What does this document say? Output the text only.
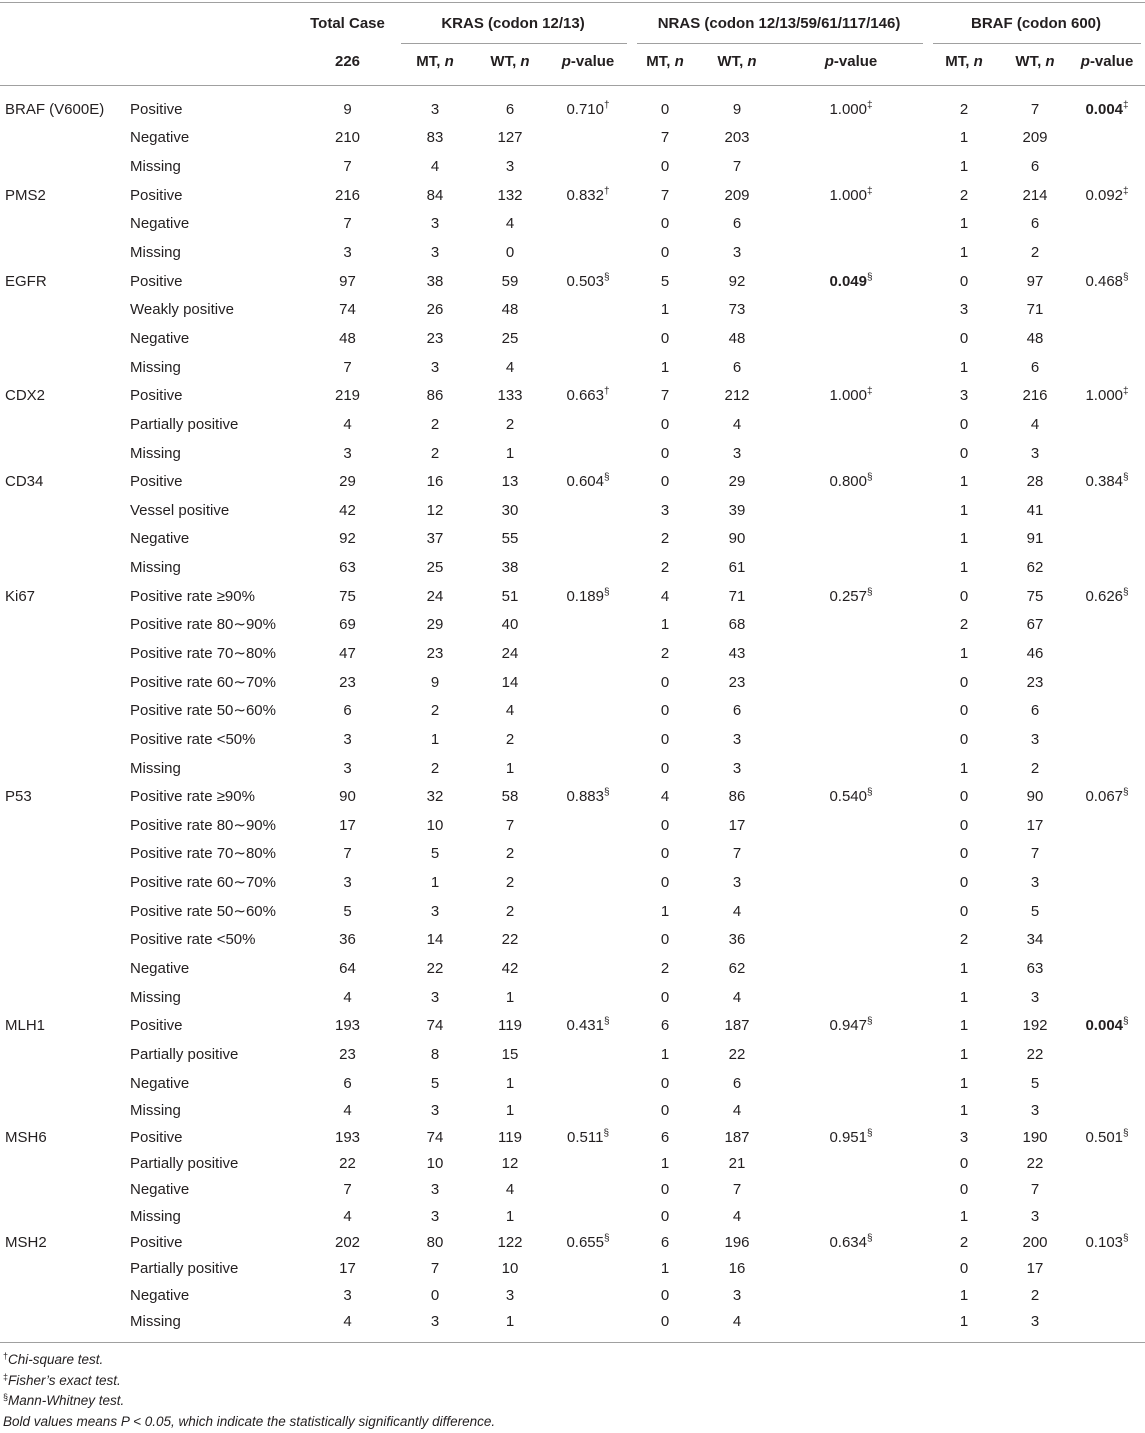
		Total Case	KRAS (codon 12/13)			NRAS (codon 12/13/59/61/117/146)			BRAF (codon 600)		
		226	MT, n	WT, n	p-value	MT, n	WT, n	p-value	MT, n	WT, n	p-value
BRAF (V600E)	Positive	9	3	6	0.710†	0	9	1.000‡	2	7	0.004‡
	Negative	210	83	127		7	203		1	209	
	Missing	7	4	3		0	7		1	6	
PMS2	Positive	216	84	132	0.832†	7	209	1.000‡	2	214	0.092‡
	Negative	7	3	4		0	6		1	6	
	Missing	3	3	0		0	3		1	2	
EGFR	Positive	97	38	59	0.503§	5	92	0.049§	0	97	0.468§
	Weakly positive	74	26	48		1	73		3	71	
	Negative	48	23	25		0	48		0	48	
	Missing	7	3	4		1	6		1	6	
CDX2	Positive	219	86	133	0.663†	7	212	1.000‡	3	216	1.000‡
	Partially positive	4	2	2		0	4		0	4	
	Missing	3	2	1		0	3		0	3	
CD34	Positive	29	16	13	0.604§	0	29	0.800§	1	28	0.384§
	Vessel positive	42	12	30		3	39		1	41	
	Negative	92	37	55		2	90		1	91	
	Missing	63	25	38		2	61		1	62	
Ki67	Positive rate ≥90%	75	24	51	0.189§	4	71	0.257§	0	75	0.626§
	Positive rate 80∼90%	69	29	40		1	68		2	67	
	Positive rate 70∼80%	47	23	24		2	43		1	46	
	Positive rate 60∼70%	23	9	14		0	23		0	23	
	Positive rate 50∼60%	6	2	4		0	6		0	6	
	Positive rate <50%	3	1	2		0	3		0	3	
	Missing	3	2	1		0	3		1	2	
P53	Positive rate ≥90%	90	32	58	0.883§	4	86	0.540§	0	90	0.067§
	Positive rate 80∼90%	17	10	7		0	17		0	17	
	Positive rate 70∼80%	7	5	2		0	7		0	7	
	Positive rate 60∼70%	3	1	2		0	3		0	3	
	Positive rate 50∼60%	5	3	2		1	4		0	5	
	Positive rate <50%	36	14	22		0	36		2	34	
	Negative	64	22	42		2	62		1	63	
	Missing	4	3	1		0	4		1	3	
MLH1	Positive	193	74	119	0.431§	6	187	0.947§	1	192	0.004§
	Partially positive	23	8	15		1	22		1	22	
	Negative	6	5	1		0	6		1	5	
	Missing	4	3	1		0	4		1	3	
MSH6	Positive	193	74	119	0.511§	6	187	0.951§	3	190	0.501§
	Partially positive	22	10	12		1	21		0	22	
	Negative	7	3	4		0	7		0	7	
	Missing	4	3	1		0	4		1	3	
MSH2	Positive	202	80	122	0.655§	6	196	0.634§	2	200	0.103§
	Partially positive	17	7	10		1	16		0	17	
	Negative	3	0	3		0	3		1	2	
	Missing	4	3	1		0	4		1	3	
†Chi-square test.
‡Fisher’s exact test.
§Mann-Whitney test.
Bold values means P < 0.05, which indicate the statistically significantly difference.
